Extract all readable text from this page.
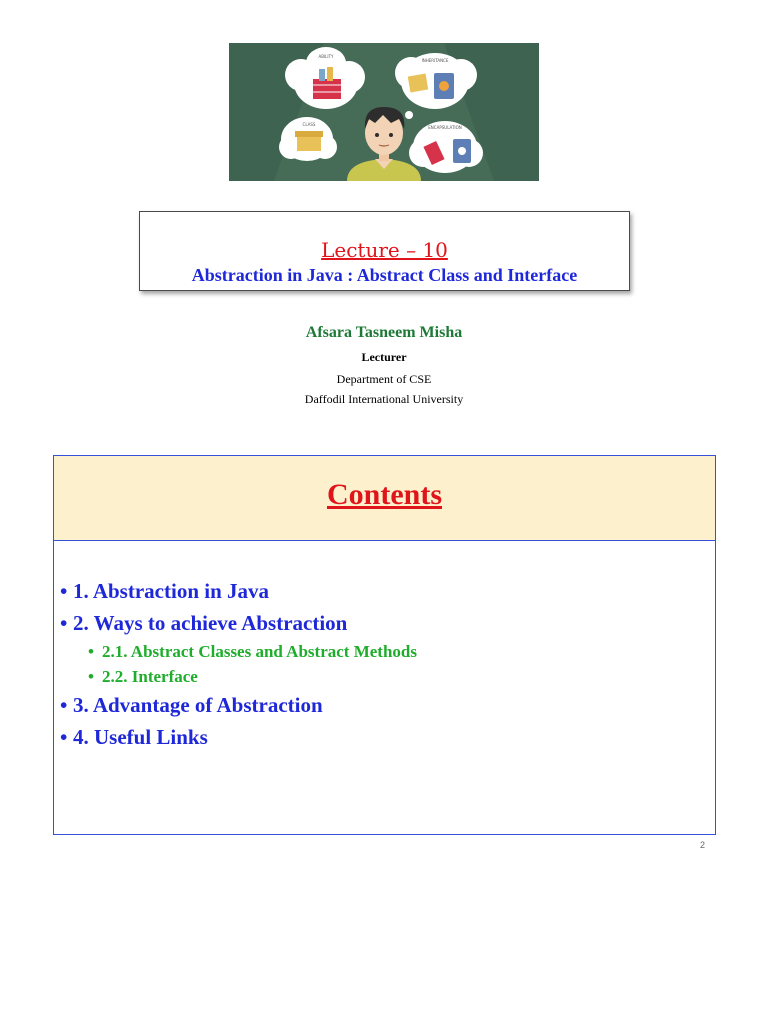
ABILITY
INHERITANCE
CLASS
ENCAPSULATION
Lecture – 10
Abstraction in Java : Abstract Class and Interface
Afsara Tasneem Misha
Lecturer
Department of CSE
Daffodil International University
Contents
• 1. Abstraction in Java
• 2. Ways to achieve Abstraction
• 2.1. Abstract Classes and Abstract Methods
• 2.2. Interface
• 3. Advantage of Abstraction
• 4. Useful Links
2
